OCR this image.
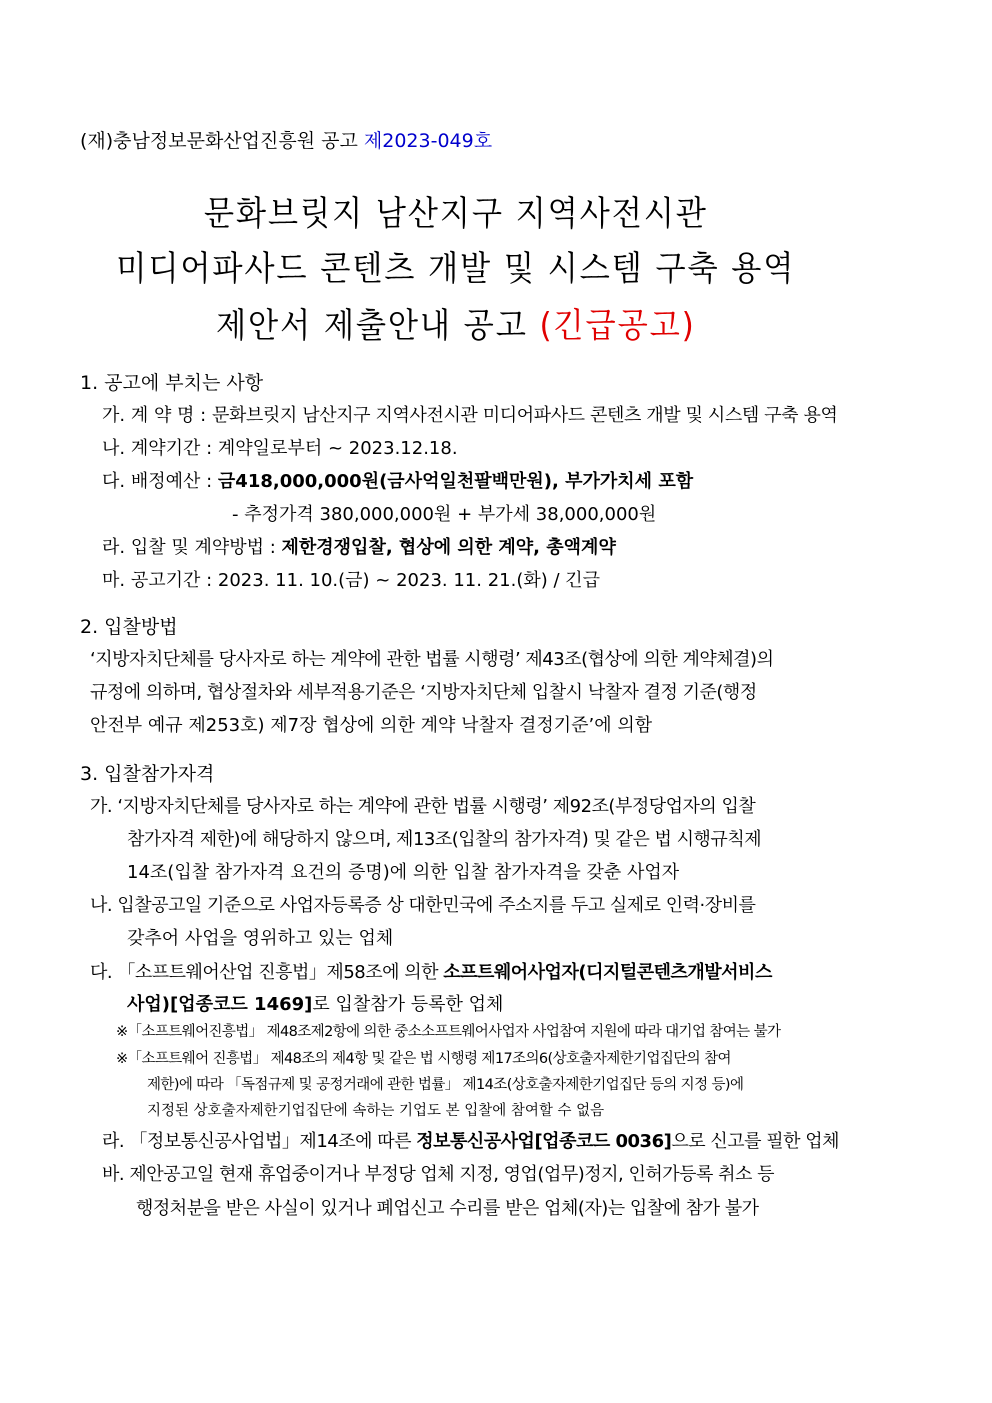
(재)충남정보문화산업진흥원 공고 제2023-049호
문화브릿지 남산지구 지역사전시관
미디어파사드 콘텐츠 개발 및 시스템 구축 용역
제안서 제출안내 공고 (긴급공고)
1. 공고에 부치는 사항
가. 계 약 명 : 문화브릿지 남산지구 지역사전시관 미디어파사드 콘텐츠 개발 및 시스템 구축 용역
나. 계약기간 : 계약일로부터 ~ 2023.12.18.
다. 배정예산 : 금418,000,000원(금사억일천팔백만원), 부가가치세 포함
- 추정가격 380,000,000원 + 부가세 38,000,000원
라. 입찰 및 계약방법 : 제한경쟁입찰, 협상에 의한 계약, 총액계약
마. 공고기간 : 2023. 11. 10.(금) ~ 2023. 11. 21.(화) / 긴급
2. 입찰방법
‘지방자치단체를 당사자로 하는 계약에 관한 법률 시행령’ 제43조(협상에 의한 계약체결)의
규정에 의하며, 협상절차와 세부적용기준은 ‘지방자치단체 입찰시 낙찰자 결정 기준(행정
안전부 예규 제253호) 제7장 협상에 의한 계약 낙찰자 결정기준’에 의함
3. 입찰참가자격
가. ‘지방자치단체를 당사자로 하는 계약에 관한 법률 시행령’ 제92조(부정당업자의 입찰
참가자격 제한)에 해당하지 않으며, 제13조(입찰의 참가자격) 및 같은 법 시행규칙제
14조(입찰 참가자격 요건의 증명)에 의한 입찰 참가자격을 갖춘 사업자
나. 입찰공고일 기준으로 사업자등록증 상 대한민국에 주소지를 두고 실제로 인력·장비를
갖추어 사업을 영위하고 있는 업체
다. 「소프트웨어산업 진흥법」제58조에 의한 소프트웨어사업자(디지털콘텐츠개발서비스
사업)[업종코드 1469]로 입찰참가 등록한 업체
※「소프트웨어진흥법」 제48조제2항에 의한 중소소프트웨어사업자 사업참여 지원에 따라 대기업 참여는 불가
※「소프트웨어 진흥법」 제48조의 제4항 및 같은 법 시행령 제17조의6(상호출자제한기업집단의 참여
제한)에 따라 「독점규제 및 공정거래에 관한 법률」 제14조(상호출자제한기업집단 등의 지정 등)에
지정된 상호출자제한기업집단에 속하는 기업도 본 입찰에 참여할 수 없음
라. 「정보통신공사업법」제14조에 따른 정보통신공사업[업종코드 0036]으로 신고를 필한 업체
바. 제안공고일 현재 휴업중이거나 부정당 업체 지정, 영업(업무)정지, 인허가등록 취소 등
행정처분을 받은 사실이 있거나 폐업신고 수리를 받은 업체(자)는 입찰에 참가 불가
